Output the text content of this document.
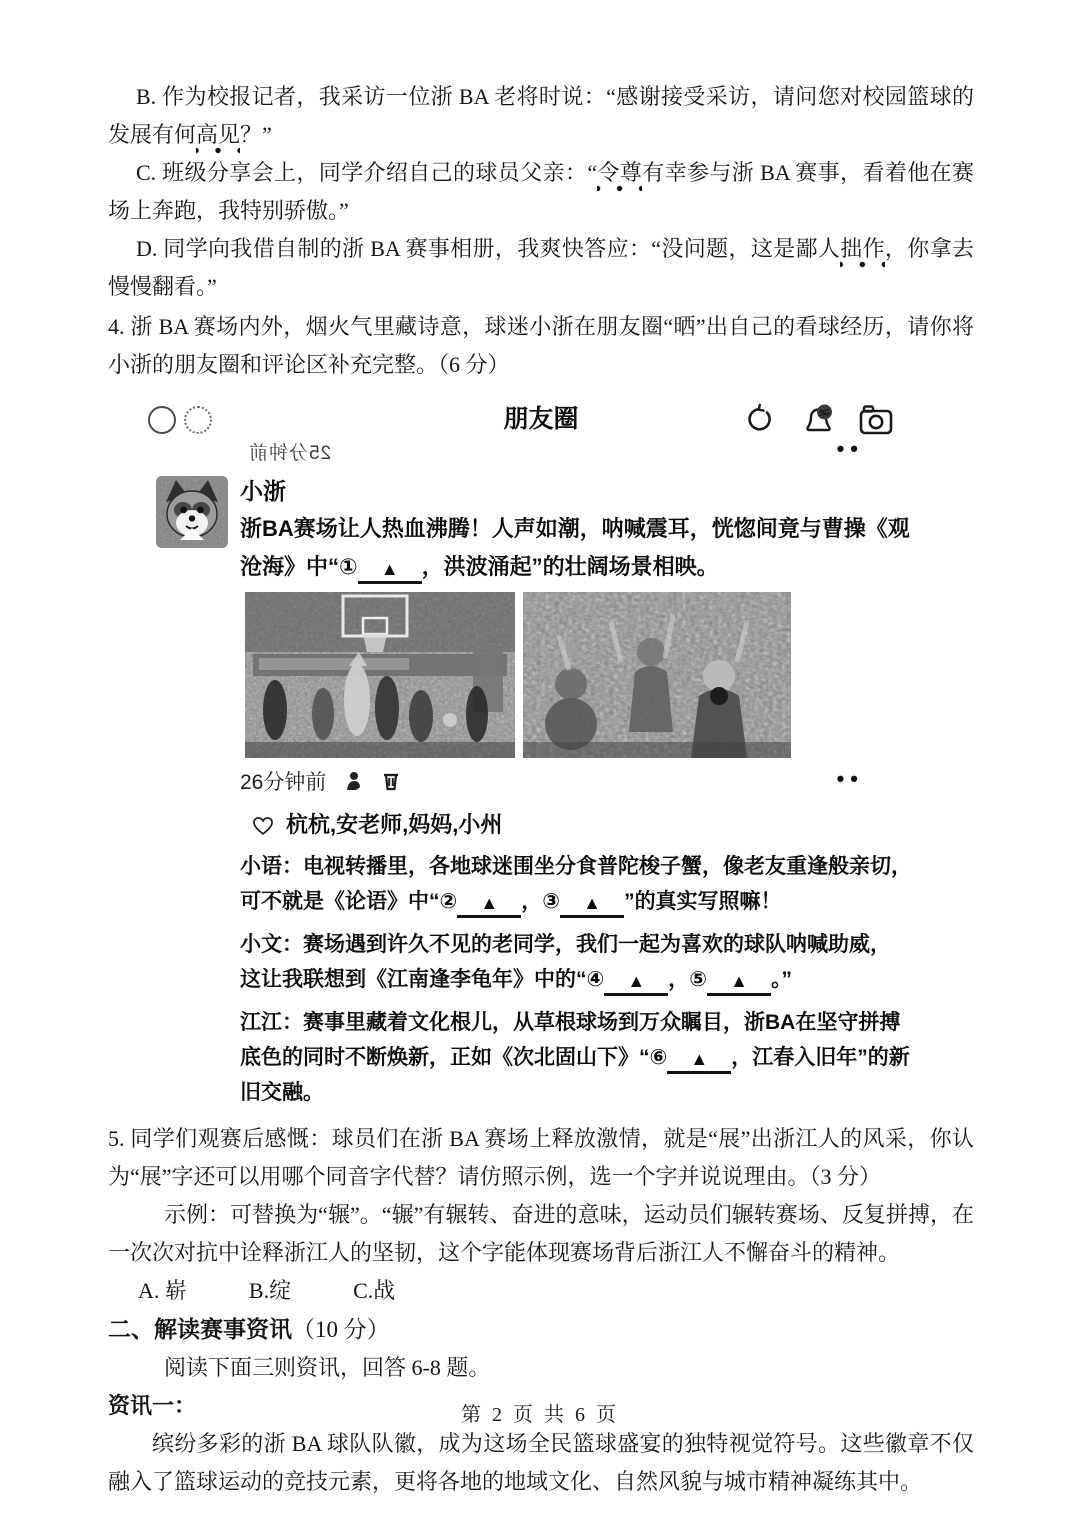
B. 作为校报记者，我采访一位浙 BA 老将时说：“感谢接受采访，请问您对校园篮球的发展有何高见？”

C. 班级分享会上，同学介绍自己的球员父亲：“令尊有幸参与浙 BA 赛事，看着他在赛场上奔跑，我特别骄傲。”

D. 同学向我借自制的浙 BA 赛事相册，我爽快答应：“没问题，这是鄙人拙作，你拿去慢慢翻看。”

4. 浙 BA 赛场内外，烟火气里藏诗意，球迷小浙在朋友圈“晒”出自己的看球经历，请你将小浙的朋友圈和评论区补充完整。（6 分）

朋友圈
25分钟前	••
小浙
浙BA赛场让人热血沸腾！人声如潮，呐喊震耳，恍惚间竟与曹操《观
沧海》中“① ▲ ，洪波涌起”的壮阔场景相映。
26分钟前	••
杭杭,安老师,妈妈,小州
小语：电视转播里，各地球迷围坐分食普陀梭子蟹，像老友重逢般亲切，
可不就是《论语》中“② ▲ ，③ ▲ ”的真实写照嘛！
小文：赛场遇到许久不见的老同学，我们一起为喜欢的球队呐喊助威，
这让我联想到《江南逢李龟年》中的“④ ▲ ，⑤ ▲ 。”
江江：赛事里藏着文化根儿，从草根球场到万众瞩目，浙BA在坚守拼搏
底色的同时不断焕新，正如《次北固山下》“⑥ ▲ ，江春入旧年”的新
旧交融。

5. 同学们观赛后感慨：球员们在浙 BA 赛场上释放激情，就是“展”出浙江人的风采，你认为“展”字还可以用哪个同音字代替？请仿照示例，选一个字并说说理由。（3 分）

示例：可替换为“辗”。“辗”有辗转、奋进的意味，运动员们辗转赛场、反复拼搏，在一次次对抗中诠释浙江人的坚韧，这个字能体现赛场背后浙江人不懈奋斗的精神。

A. 崭	B.绽	C.战

二、解读赛事资讯（10 分）

阅读下面三则资讯，回答 6-8 题。

资讯一：

缤纷多彩的浙 BA 球队队徽，成为这场全民篮球盛宴的独特视觉符号。这些徽章不仅融入了篮球运动的竞技元素，更将各地的地域文化、自然风貌与城市精神凝练其中。

第 2 页 共 6 页
